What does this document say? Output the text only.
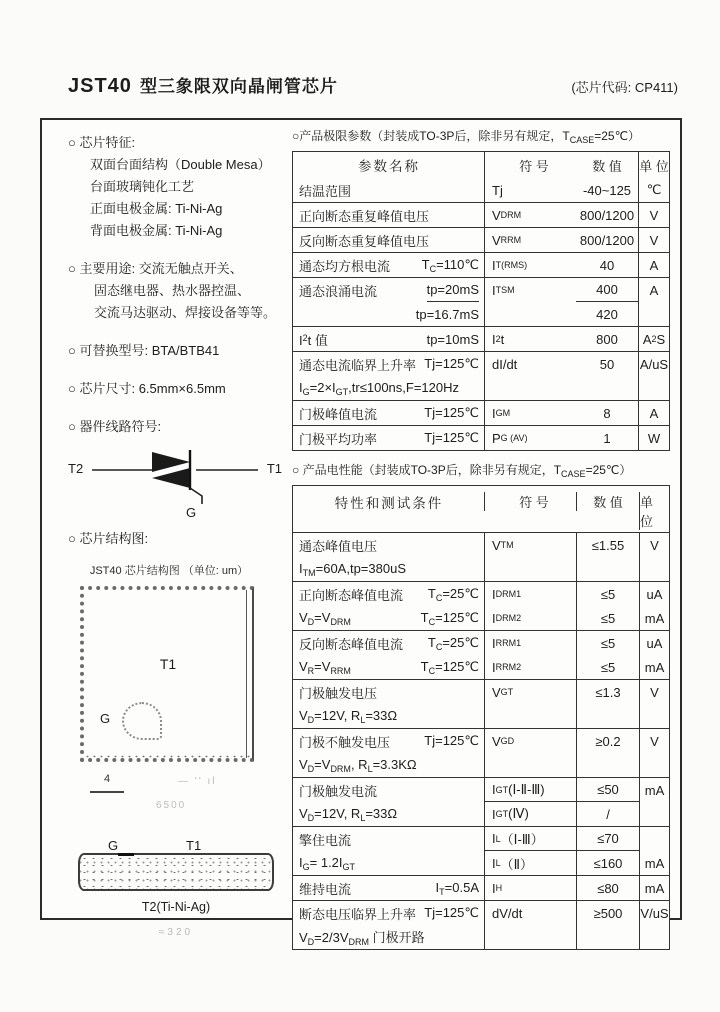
JST40 型三象限双向晶闸管芯片	(芯片代码: CP411)
○ 芯片特征:
双面台面结构（Double Mesa）
台面玻璃钝化工艺
正面电极金属: Ti-Ni-Ag
背面电极金属: Ti-Ni-Ag
○ 主要用途: 交流无触点开关、
固态继电器、热水器控温、
交流马达驱动、焊接设备等等。
○ 可替换型号: BTA/BTB41
○ 芯片尺寸: 6.5mm×6.5mm
○ 器件线路符号:
T2	T1
G
○ 芯片结构图:
JST40 芯片结构图 （单位: um）
T1
G
4	— '' ıl
6500
G	T1
T2(Ti-Ni-Ag)
≈320
○产品极限参数（封装成TO-3P后，除非另有规定，$T_{CASE}=25℃$）
参数名称	符 号	数 值	单 位
结温范围	Tj	-40~125	℃
正向断态重复峰值电压	V DRM	800/1200	V
反向断态重复峰值电压	V RRM	800/1200	V
通态均方根电流 $T_C=110℃$	I T(RMS)	40	A
通态浪涌电流	tp=20mS	I TSM	400	A
tp=16.7mS	420
$I^2t$ 值	tp=10mS	I 2 t	800	A 2 S
通态电流临界上升率 Tj=125℃	dI/dt	50	A/uS
$I_G=2\times I_{GT},tr\le 100ns,F=120Hz$
门极峰值电流	Tj=125℃	I GM	8	A
门极平均功率	Tj=125℃	P G (AV)	1	W
○ 产品电性能（封装成TO-3P后，除非另有规定，$T_{CASE}=25℃$）
特性和测试条件	符 号	数 值	单 位
通态峰值电压	V TM	≤1.55	V
$I_{TM}=60A,tp=380uS$
正向断态峰值电流 $T_C=25℃$	I DRM1	≤5	uA
$V_D=V_{DRM}$	$T_C=125℃$	I DRM2	≤5	mA
反向断态峰值电流 $T_C=25℃$	I RRM1	≤5	uA
$V_R=V_{RRM}$	$T_C=125℃$	I RRM2	≤5	mA
门极触发电压	V GT	≤1.3	V
$V_D=12V$, $R_L=33\Omega$
门极不触发电压	Tj=125℃	V GD	≥0.2	V
$V_D=V_{DRM}$, $R_L=3.3K\Omega$
门极触发电流	I GT (Ⅰ-Ⅱ-Ⅲ)	≤50	mA
$V_D=12V$, $R_L=33\Omega$	I GT (Ⅳ)	/
擎住电流	I L （Ⅰ-Ⅲ）	≤70
$I_G= 1.2I_{GT}$	I L （Ⅱ）	≤160	mA
维持电流	$I_T=0.5A$	I H	≤80	mA
断态电压临界上升率 Tj=125℃	dV/dt	≥500	V/uS
$V_D=2/3V_{DRM}$ 门极开路
